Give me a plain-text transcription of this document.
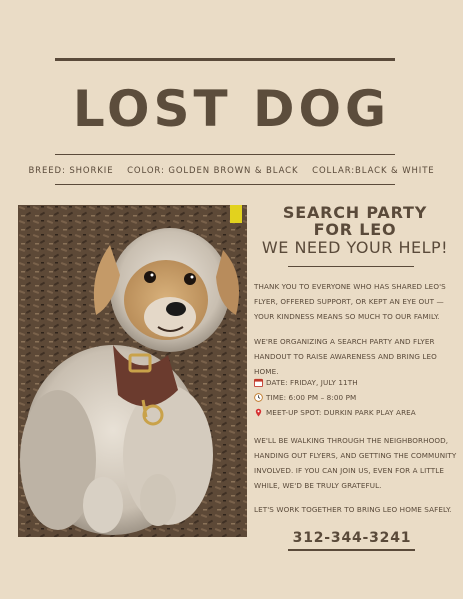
LOST DOG
BREED: SHORKIE COLOR: GOLDEN BROWN & BLACK COLLAR:BLACK & WHITE
SEARCH PARTY
FOR LEO
WE NEED YOUR HELP!
THANK YOU TO EVERYONE WHO HAS SHARED LEO'S FLYER, OFFERED SUPPORT, OR KEPT AN EYE OUT — YOUR KINDNESS MEANS SO MUCH TO OUR FAMILY.
WE'RE ORGANIZING A SEARCH PARTY AND FLYER HANDOUT TO RAISE AWARENESS AND BRING LEO HOME.
DATE: FRIDAY, JULY 11TH
TIME: 6:00 PM – 8:00 PM
MEET-UP SPOT: DURKIN PARK PLAY AREA
WE'LL BE WALKING THROUGH THE NEIGHBORHOOD, HANDING OUT FLYERS, AND GETTING THE COMMUNITY INVOLVED. IF YOU CAN JOIN US, EVEN FOR A LITTLE WHILE, WE'D BE TRULY GRATEFUL.
LET'S WORK TOGETHER TO BRING LEO HOME SAFELY.
312-344-3241
